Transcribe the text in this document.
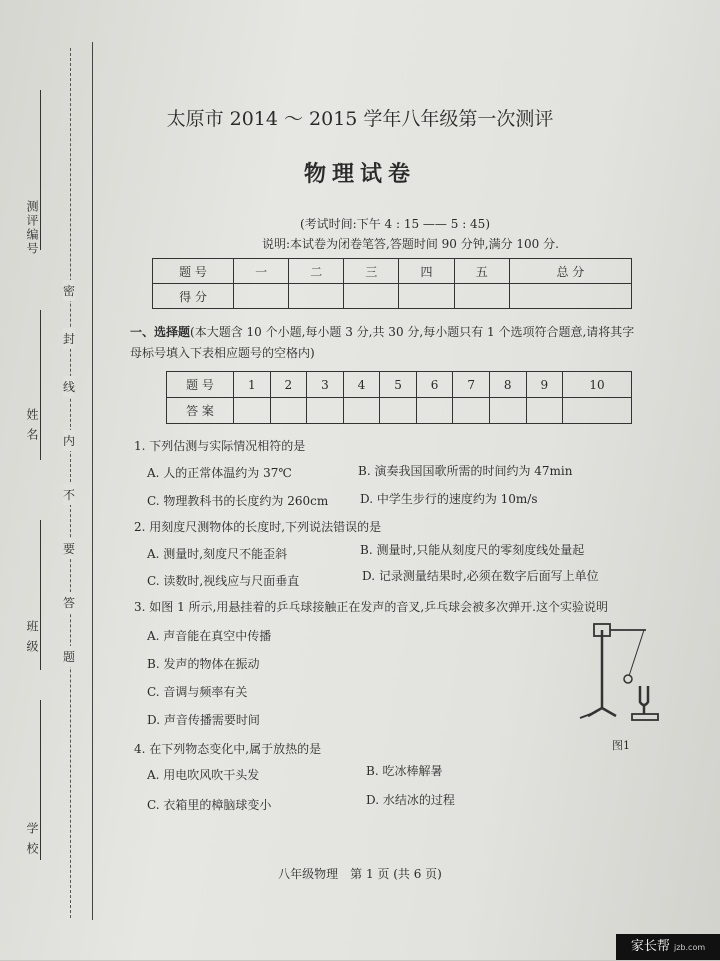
测评编号
姓 名
班 级
学 校
密
封
线
内
不
要
答
题
太原市 2014 ～ 2015 学年八年级第一次测评
物理试卷
(考试时间:下午 4 : 15 —— 5 : 45)
说明:本试卷为闭卷笔答,答题时间 90 分钟,满分 100 分.
题 号	一	二	三	四	五	总 分
得 分						
一、选择题(本大题含 10 个小题,每小题 3 分,共 30 分,每小题只有 1 个选项符合题意,请将其字母标号填入下表相应题号的空格内)
题 号	1	2	3	4	5	6	7	8	9	10
答 案										
1. 下列估测与实际情况相符的是
A. 人的正常体温约为 37℃	B. 演奏我国国歌所需的时间约为 47min
C. 物理教科书的长度约为 260cm	D. 中学生步行的速度约为 10m/s
2. 用刻度尺测物体的长度时,下列说法错误的是
A. 测量时,刻度尺不能歪斜	B. 测量时,只能从刻度尺的零刻度线处量起
C. 读数时,视线应与尺面垂直	D. 记录测量结果时,必须在数字后面写上单位
3. 如图 1 所示,用悬挂着的乒乓球接触正在发声的音叉,乒乓球会被多次弹开.这个实验说明
A. 声音能在真空中传播
B. 发声的物体在振动
C. 音调与频率有关
D. 声音传播需要时间
图1
4. 在下列物态变化中,属于放热的是
A. 用电吹风吹干头发	B. 吃冰棒解暑
C. 衣箱里的樟脑球变小	D. 水结冰的过程
八年级物理　第 1 页 (共 6 页)
家长帮 jzb.com
